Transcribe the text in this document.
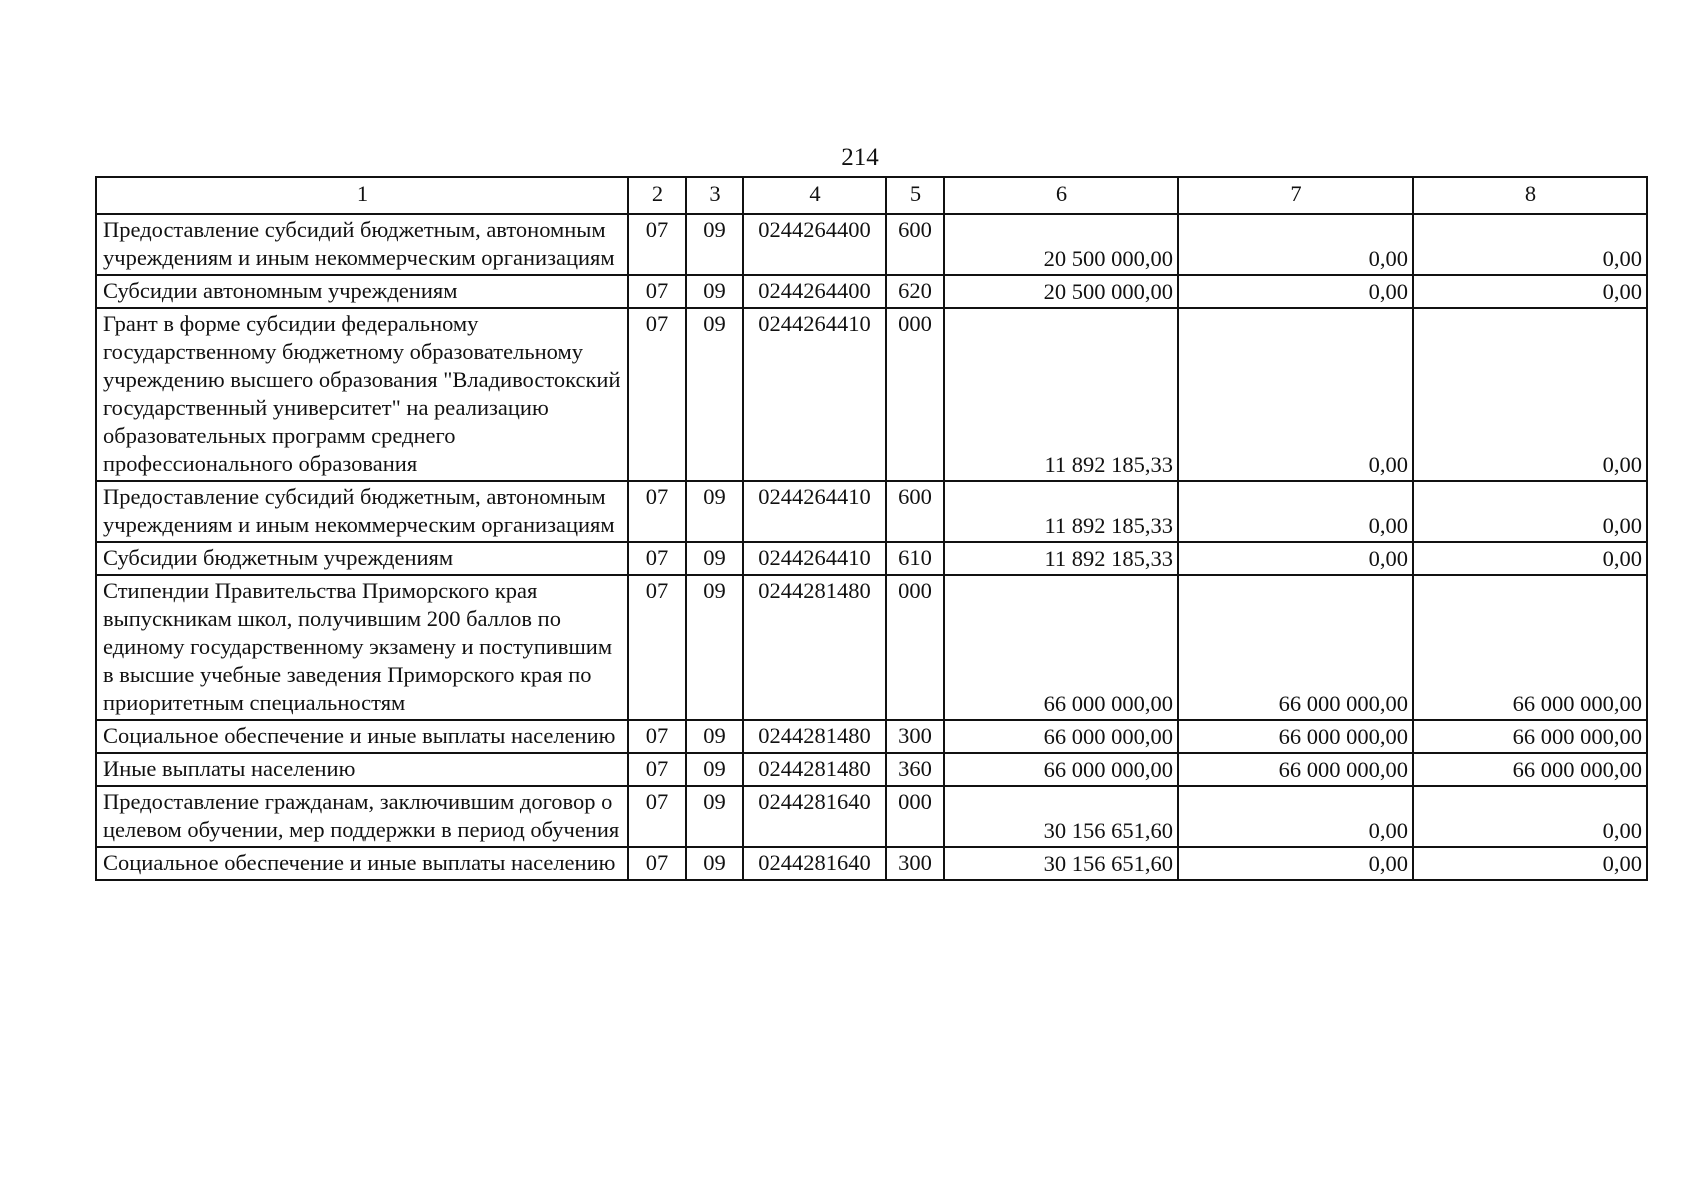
214
1	2	3	4	5	6	7	8
Предоставление субсидий бюджетным, автономным учреждениям и иным некоммерческим организациям	07	09	0244264400	600	20 500 000,00	0,00	0,00
Субсидии автономным учреждениям	07	09	0244264400	620	20 500 000,00	0,00	0,00
Грант в форме субсидии федеральному государственному бюджетному образовательному учреждению высшего образования "Владивостокский государственный университет" на реализацию образовательных программ среднего профессионального образования	07	09	0244264410	000	11 892 185,33	0,00	0,00
Предоставление субсидий бюджетным, автономным учреждениям и иным некоммерческим организациям	07	09	0244264410	600	11 892 185,33	0,00	0,00
Субсидии бюджетным учреждениям	07	09	0244264410	610	11 892 185,33	0,00	0,00
Стипендии Правительства Приморского края выпускникам школ, получившим 200 баллов по единому государственному экзамену и поступившим в высшие учебные заведения Приморского края по приоритетным специальностям	07	09	0244281480	000	66 000 000,00	66 000 000,00	66 000 000,00
Социальное обеспечение и иные выплаты населению	07	09	0244281480	300	66 000 000,00	66 000 000,00	66 000 000,00
Иные выплаты населению	07	09	0244281480	360	66 000 000,00	66 000 000,00	66 000 000,00
Предоставление гражданам, заключившим договор о целевом обучении, мер поддержки в период обучения	07	09	0244281640	000	30 156 651,60	0,00	0,00
Социальное обеспечение и иные выплаты населению	07	09	0244281640	300	30 156 651,60	0,00	0,00
